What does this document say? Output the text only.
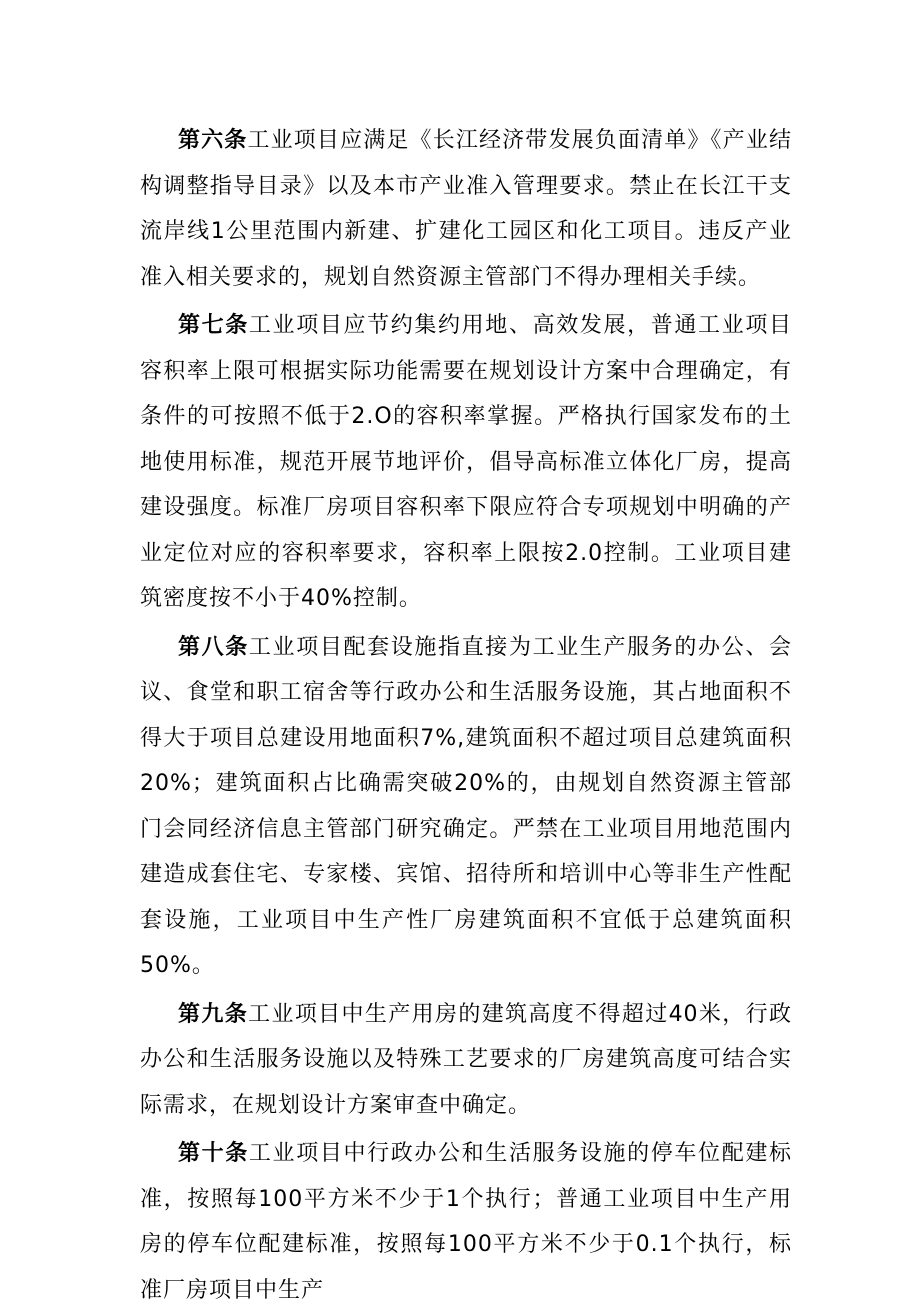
第六条工业项目应满足《长江经济带发展负面清单》《产业结构调整指导目录》以及本市产业准入管理要求。禁止在长江干支流岸线1公里范围内新建、扩建化工园区和化工项目。违反产业准入相关要求的，规划自然资源主管部门不得办理相关手续。

第七条工业项目应节约集约用地、高效发展，普通工业项目容积率上限可根据实际功能需要在规划设计方案中合理确定，有条件的可按照不低于2.O的容积率掌握。严格执行国家发布的土地使用标准，规范开展节地评价，倡导高标准立体化厂房，提高建设强度。标准厂房项目容积率下限应符合专项规划中明确的产业定位对应的容积率要求，容积率上限按2.0控制。工业项目建筑密度按不小于40%控制。

第八条工业项目配套设施指直接为工业生产服务的办公、会议、食堂和职工宿舍等行政办公和生活服务设施，其占地面积不得大于项目总建设用地面积7%,建筑面积不超过项目总建筑面积20%；建筑面积占比确需突破20%的，由规划自然资源主管部门会同经济信息主管部门研究确定。严禁在工业项目用地范围内建造成套住宅、专家楼、宾馆、招待所和培训中心等非生产性配套设施，工业项目中生产性厂房建筑面积不宜低于总建筑面积50%。

第九条工业项目中生产用房的建筑高度不得超过40米，行政办公和生活服务设施以及特殊工艺要求的厂房建筑高度可结合实际需求，在规划设计方案审查中确定。

第十条工业项目中行政办公和生活服务设施的停车位配建标准，按照每100平方米不少于1个执行；普通工业项目中生产用房的停车位配建标准，按照每100平方米不少于0.1个执行，标准厂房项目中生产
